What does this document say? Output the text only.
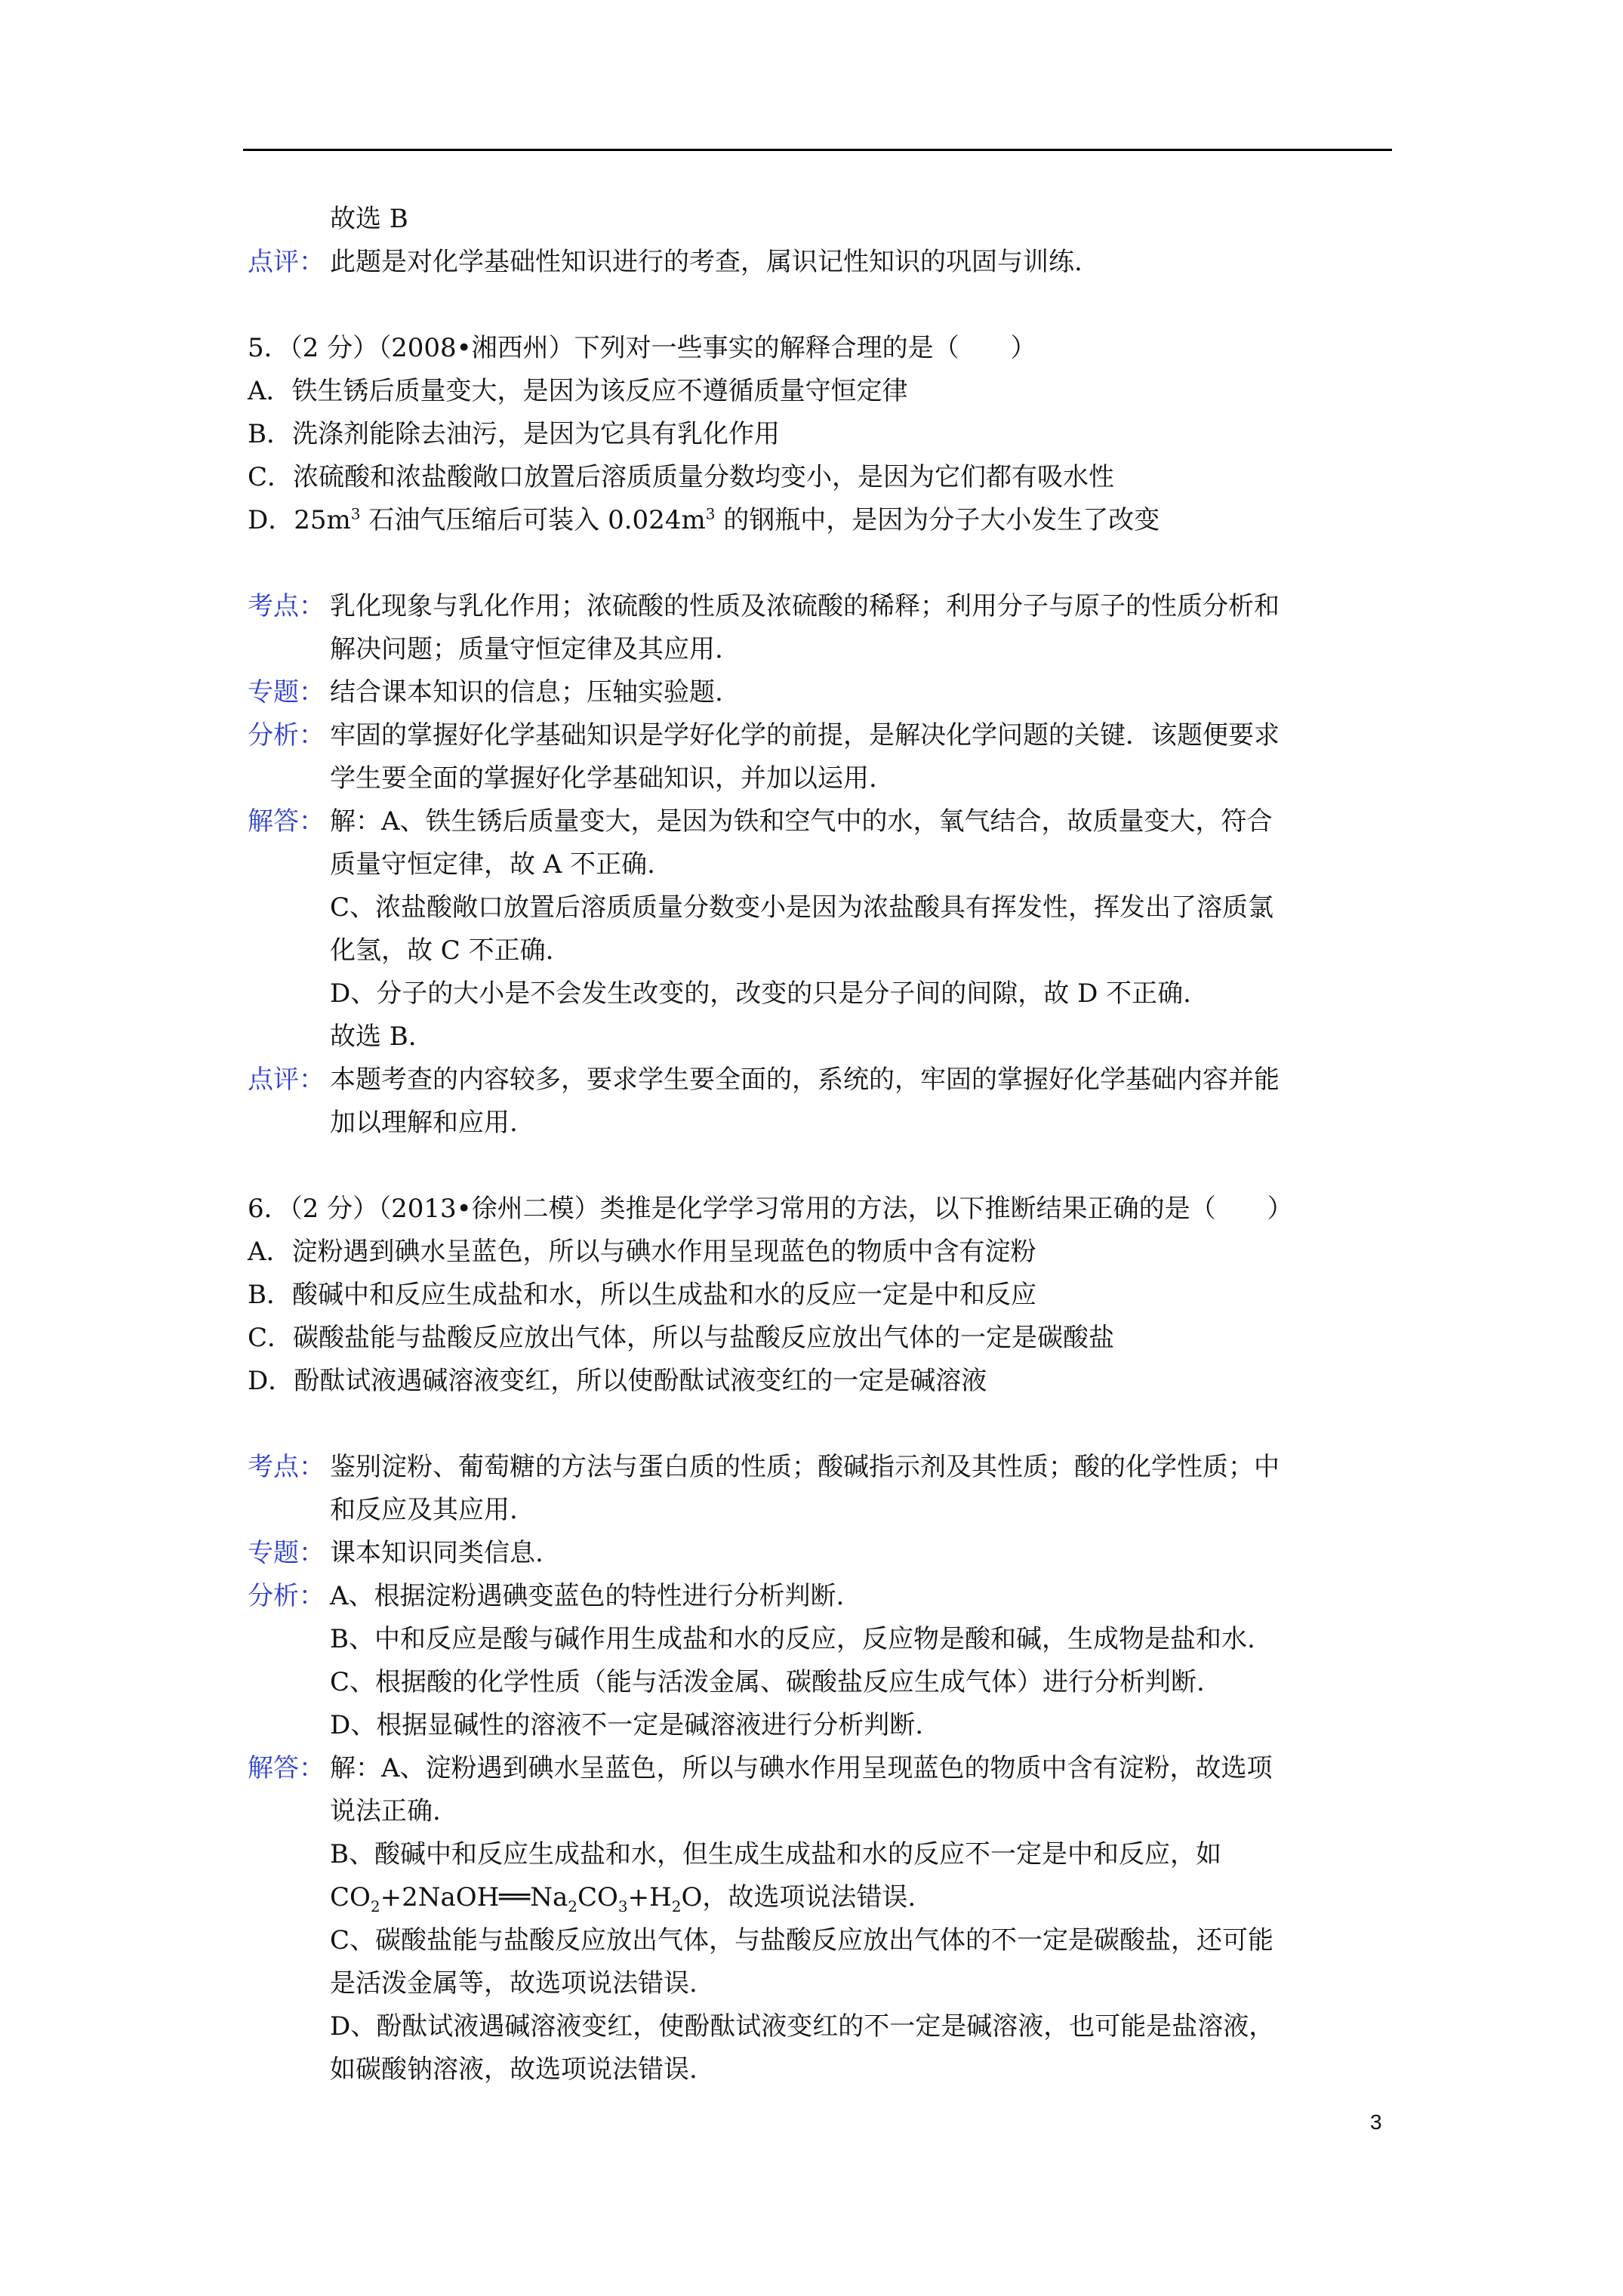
故选 B
点评： 此题是对化学基础性知识进行的考查，属识记性知识的巩固与训练.
5．（2 分）（2008•湘西州）下列对一些事实的解释合理的是（　　）
A．铁生锈后质量变大，是因为该反应不遵循质量守恒定律
B．洗涤剂能除去油污，是因为它具有乳化作用
C．浓硫酸和浓盐酸敞口放置后溶质质量分数均变小，是因为它们都有吸水性
D．$25m^3$ 石油气压缩后可装入 $0.024m^3$ 的钢瓶中，是因为分子大小发生了改变
考点： 乳化现象与乳化作用；浓硫酸的性质及浓硫酸的稀释；利用分子与原子的性质分析和
解决问题；质量守恒定律及其应用.
专题： 结合课本知识的信息；压轴实验题.
分析： 牢固的掌握好化学基础知识是学好化学的前提，是解决化学问题的关键．该题便要求
学生要全面的掌握好化学基础知识，并加以运用.
解答： 解：A、铁生锈后质量变大，是因为铁和空气中的水，氧气结合，故质量变大，符合
质量守恒定律，故 A 不正确.
C、浓盐酸敞口放置后溶质质量分数变小是因为浓盐酸具有挥发性，挥发出了溶质氯
化氢，故 C 不正确.
D、分子的大小是不会发生改变的，改变的只是分子间的间隙，故 D 不正确.
故选 B.
点评： 本题考查的内容较多，要求学生要全面的，系统的，牢固的掌握好化学基础内容并能
加以理解和应用.
6．（2 分）（2013•徐州二模）类推是化学学习常用的方法，以下推断结果正确的是（　　）
A．淀粉遇到碘水呈蓝色，所以与碘水作用呈现蓝色的物质中含有淀粉
B．酸碱中和反应生成盐和水，所以生成盐和水的反应一定是中和反应
C．碳酸盐能与盐酸反应放出气体，所以与盐酸反应放出气体的一定是碳酸盐
D．酚酞试液遇碱溶液变红，所以使酚酞试液变红的一定是碱溶液
考点： 鉴别淀粉、葡萄糖的方法与蛋白质的性质；酸碱指示剂及其性质；酸的化学性质；中
和反应及其应用.
专题： 课本知识同类信息.
分析： A、根据淀粉遇碘变蓝色的特性进行分析判断.
B、中和反应是酸与碱作用生成盐和水的反应，反应物是酸和碱，生成物是盐和水.
C、根据酸的化学性质（能与活泼金属、碳酸盐反应生成气体）进行分析判断.
D、根据显碱性的溶液不一定是碱溶液进行分析判断.
解答： 解：A、淀粉遇到碘水呈蓝色，所以与碘水作用呈现蓝色的物质中含有淀粉，故选项
说法正确.
B、酸碱中和反应生成盐和水，但生成生成盐和水的反应不一定是中和反应，如
$CO_2+2NaOH══Na_2CO_3+H_2O$，故选项说法错误.
C、碳酸盐能与盐酸反应放出气体，与盐酸反应放出气体的不一定是碳酸盐，还可能
是活泼金属等，故选项说法错误.
D、酚酞试液遇碱溶液变红，使酚酞试液变红的不一定是碱溶液，也可能是盐溶液，
如碳酸钠溶液，故选项说法错误.
3
